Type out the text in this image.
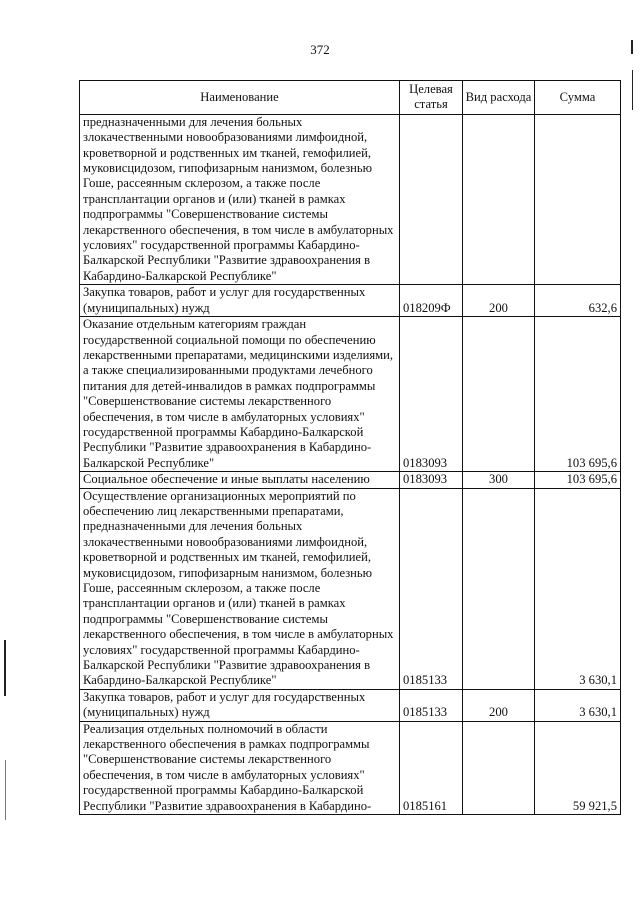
372
Наименование	Целевая статья	Вид расхода	Сумма
предназначенными для лечения больных злокачественными новообразованиями лимфоидной, кроветворной и родственных им тканей, гемофилией, муковисцидозом, гипофизарным нанизмом, болезнью Гоше, рассеянным склерозом, а также после трансплантации органов и (или) тканей в рамках подпрограммы "Совершенствование системы лекарственного обеспечения, в том числе в амбулаторных условиях" государственной программы Кабардино-Балкарской Республики "Развитие здравоохранения в Кабардино-Балкарской Республике"			
Закупка товаров, работ и услуг для государственных (муниципальных) нужд	018209Ф	200	632,6
Оказание отдельным категориям граждан государственной социальной помощи по обеспечению лекарственными препаратами, медицинскими изделиями, а также специализированными продуктами лечебного питания для детей-инвалидов в рамках подпрограммы "Совершенствование системы лекарственного обеспечения, в том числе в амбулаторных условиях" государственной программы Кабардино-Балкарской Республики "Развитие здравоохранения в Кабардино-Балкарской Республике"	0183093		103 695,6
Социальное обеспечение и иные выплаты населению	0183093	300	103 695,6
Осуществление организационных мероприятий по обеспечению лиц лекарственными препаратами, предназначенными для лечения больных злокачественными новообразованиями лимфоидной, кроветворной и родственных им тканей, гемофилией, муковисцидозом, гипофизарным нанизмом, болезнью Гоше, рассеянным склерозом, а также после трансплантации органов и (или) тканей в рамках подпрограммы "Совершенствование системы лекарственного обеспечения, в том числе в амбулаторных условиях" государственной программы Кабардино-Балкарской Республики "Развитие здравоохранения в Кабардино-Балкарской Республике"	0185133		3 630,1
Закупка товаров, работ и услуг для государственных (муниципальных) нужд	0185133	200	3 630,1
Реализация отдельных полномочий в области лекарственного обеспечения в рамках подпрограммы "Совершенствование системы лекарственного обеспечения, в том числе в амбулаторных условиях" государственной программы Кабардино-Балкарской Республики "Развитие здравоохранения в Кабардино-	0185161		59 921,5
